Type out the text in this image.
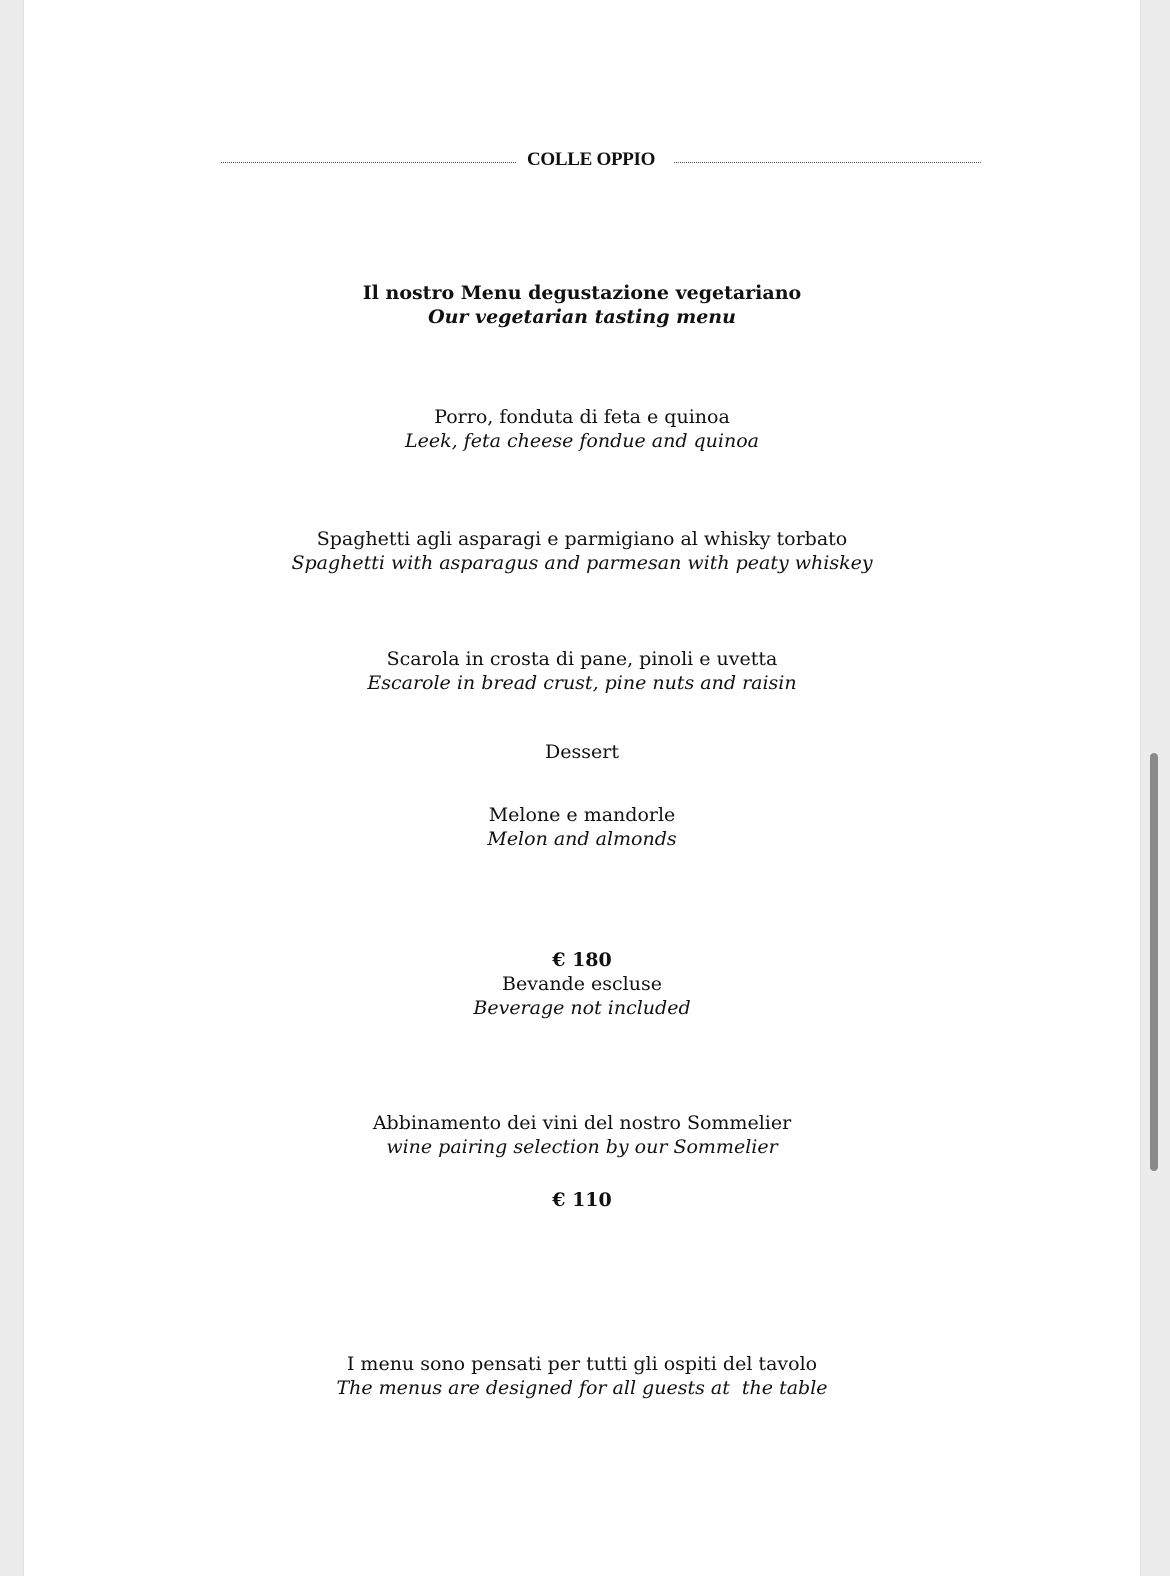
COLLE OPPIO
Il nostro Menu degustazione vegetariano
Our vegetarian tasting menu
Porro, fonduta di feta e quinoa
Leek, feta cheese fondue and quinoa
Spaghetti agli asparagi e parmigiano al whisky torbato
Spaghetti with asparagus and parmesan with peaty whiskey
Scarola in crosta di pane, pinoli e uvetta
Escarole in bread crust, pine nuts and raisin
Dessert
Melone e mandorle
Melon and almonds
€ 180
Bevande escluse
Beverage not included
Abbinamento dei vini del nostro Sommelier
wine pairing selection by our Sommelier
€ 110
I menu sono pensati per tutti gli ospiti del tavolo
The menus are designed for all guests at  the table
